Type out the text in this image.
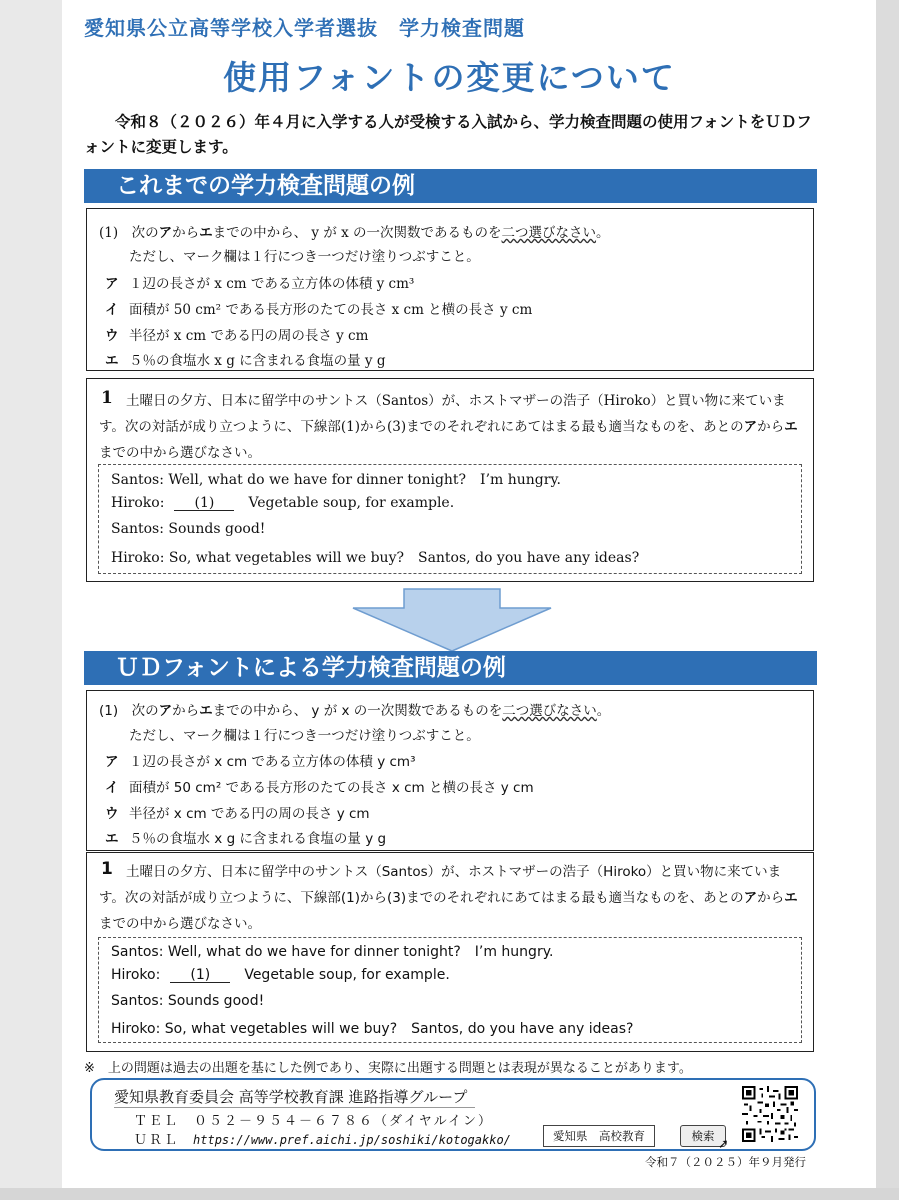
愛知県公立高等学校入学者選抜　学力検査問題
使用フォントの変更について
令和８（２０２６）年４月に入学する人が受検する入試から、学力検査問題の使用フォントをＵＤフォントに変更します。
これまでの学力検査問題の例
(1)　次のアからエまでの中から、 y が x の一次関数であるものを二つ選びなさい。
ただし、マーク欄は１行につき一つだけ塗りつぶすこと。
ア １辺の長さが x cm である立方体の体積 y cm³
イ 面積が 50 cm² である長方形のたての長さ x cm と横の長さ y cm
ウ 半径が x cm である円の周の長さ y cm
エ ５％の食塩水 x g に含まれる食塩の量 y g
1 土曜日の夕方、日本に留学中のサントス（Santos）が、ホストマザーの浩子（Hiroko）と買い物に来ています。次の対話が成り立つように、下線部(1)から(3)までのそれぞれにあてはまる最も適当なものを、あとのアからエまでの中から選びなさい。
Santos: Well, what do we have for dinner tonight?　I’m hungry.
Hiroko: (1) Vegetable soup, for example.
Santos: Sounds good!
Hiroko: So, what vegetables will we buy?　Santos, do you have any ideas?
ＵＤフォントによる学力検査問題の例
(1)　次のアからエまでの中から、 y が x の一次関数であるものを二つ選びなさい。
ただし、マーク欄は１行につき一つだけ塗りつぶすこと。
ア １辺の長さが x cm である立方体の体積 y cm³
イ 面積が 50 cm² である長方形のたての長さ x cm と横の長さ y cm
ウ 半径が x cm である円の周の長さ y cm
エ ５％の食塩水 x g に含まれる食塩の量 y g
1 土曜日の夕方、日本に留学中のサントス（Santos）が、ホストマザーの浩子（Hiroko）と買い物に来ています。次の対話が成り立つように、下線部(1)から(3)までのそれぞれにあてはまる最も適当なものを、あとのアからエまでの中から選びなさい。
Santos: Well, what do we have for dinner tonight?　I’m hungry.
Hiroko: (1) Vegetable soup, for example.
Santos: Sounds good!
Hiroko: So, what vegetables will we buy?　Santos, do you have any ideas?
※　上の問題は過去の出題を基にした例であり、実際に出題する問題とは表現が異なることがあります。
愛知県教育委員会 高等学校教育課 進路指導グループ
ＴＥＬ　 ０５２－９５４－６７８６（ダイヤルイン）
ＵＲＬ https://www.pref.aichi.jp/soshiki/kotogakko/	愛知県　高校教育	検索
➚
令和７（２０２５）年９月発行
